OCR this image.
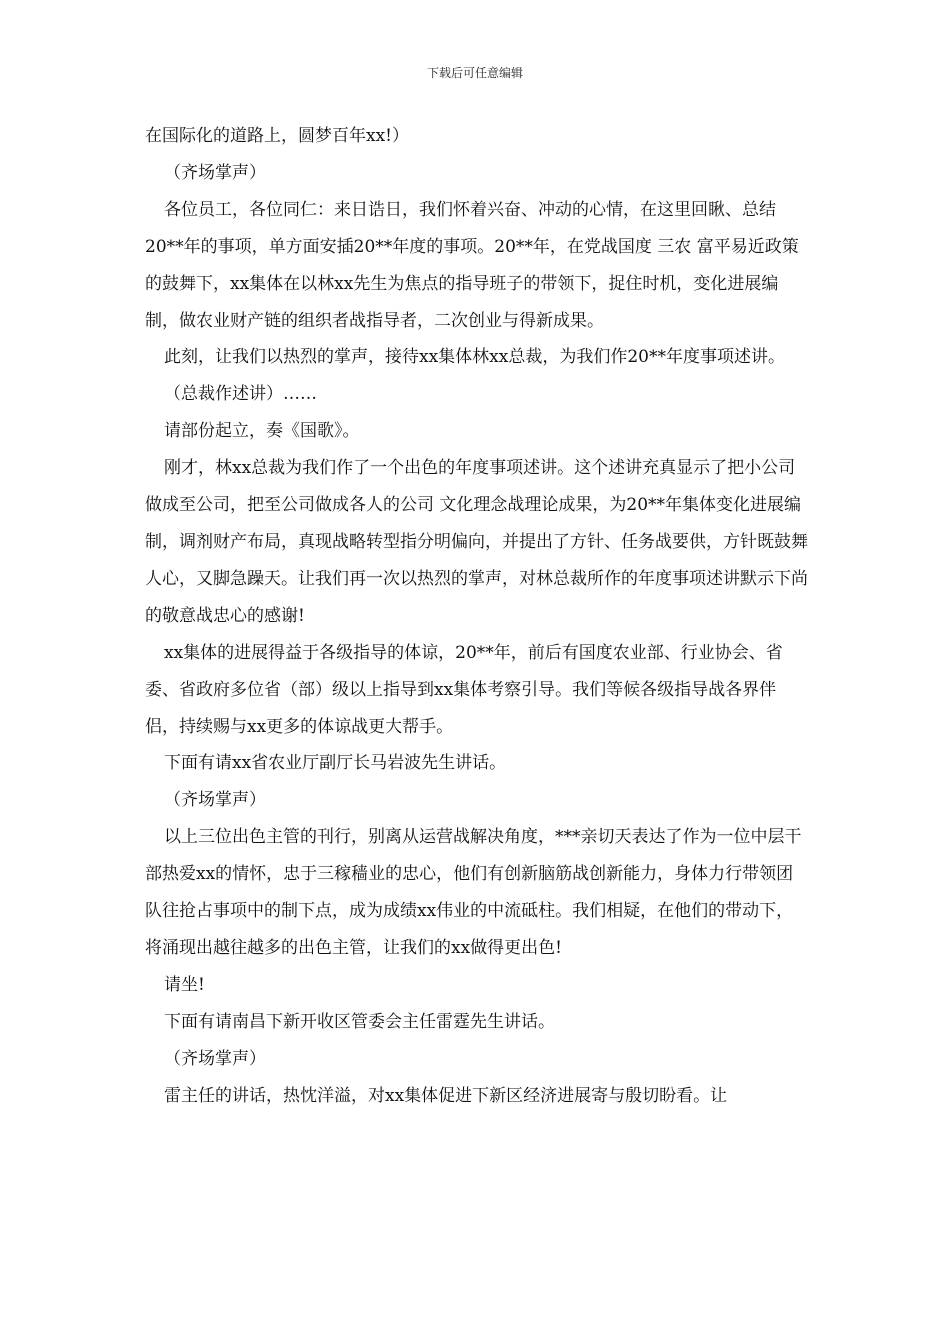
下载后可任意编辑

在国际化的道路上，圆梦百年xx!）

（齐场掌声）

各位员工，各位同仁：来日诰日，我们怀着兴奋、冲动的心情，在这里回瞅、总结20**年的事项，单方面安插20**年度的事项。20**年，在党战国度 三农 富平易近政策的鼓舞下，xx集体在以林xx先生为焦点的指导班子的带领下，捉住时机，变化进展编制，做农业财产链的组织者战指导者，二次创业与得新成果。

此刻，让我们以热烈的掌声，接待xx集体林xx总裁，为我们作20**年度事项述讲。

（总裁作述讲）……

请部份起立，奏《国歌》。

刚才，林xx总裁为我们作了一个出色的年度事项述讲。这个述讲充真显示了把小公司做成至公司，把至公司做成各人的公司 文化理念战理论成果，为20**年集体变化进展编制，调剂财产布局，真现战略转型指分明偏向，并提出了方针、任务战要供，方针既鼓舞人心，又脚急躁天。让我们再一次以热烈的掌声，对林总裁所作的年度事项述讲默示下尚的敬意战忠心的感谢!

xx集体的进展得益于各级指导的体谅，20**年，前后有国度农业部、行业协会、省委、省政府多位省（部）级以上指导到xx集体考察引导。我们等候各级指导战各界伴侣，持续赐与xx更多的体谅战更大帮手。

下面有请xx省农业厅副厅长马岩波先生讲话。

（齐场掌声）

以上三位出色主管的刊行，别离从运营战解决角度，***亲切天表达了作为一位中层干部热爱xx的情怀，忠于三稼穑业的忠心，他们有创新脑筋战创新能力，身体力行带领团队往抢占事项中的制下点，成为成绩xx伟业的中流砥柱。我们相疑，在他们的带动下，将涌现出越往越多的出色主管，让我们的xx做得更出色!

请坐!

下面有请南昌下新开收区管委会主任雷霆先生讲话。

（齐场掌声）

雷主任的讲话，热忱洋溢，对xx集体促进下新区经济进展寄与殷切盼看。让
